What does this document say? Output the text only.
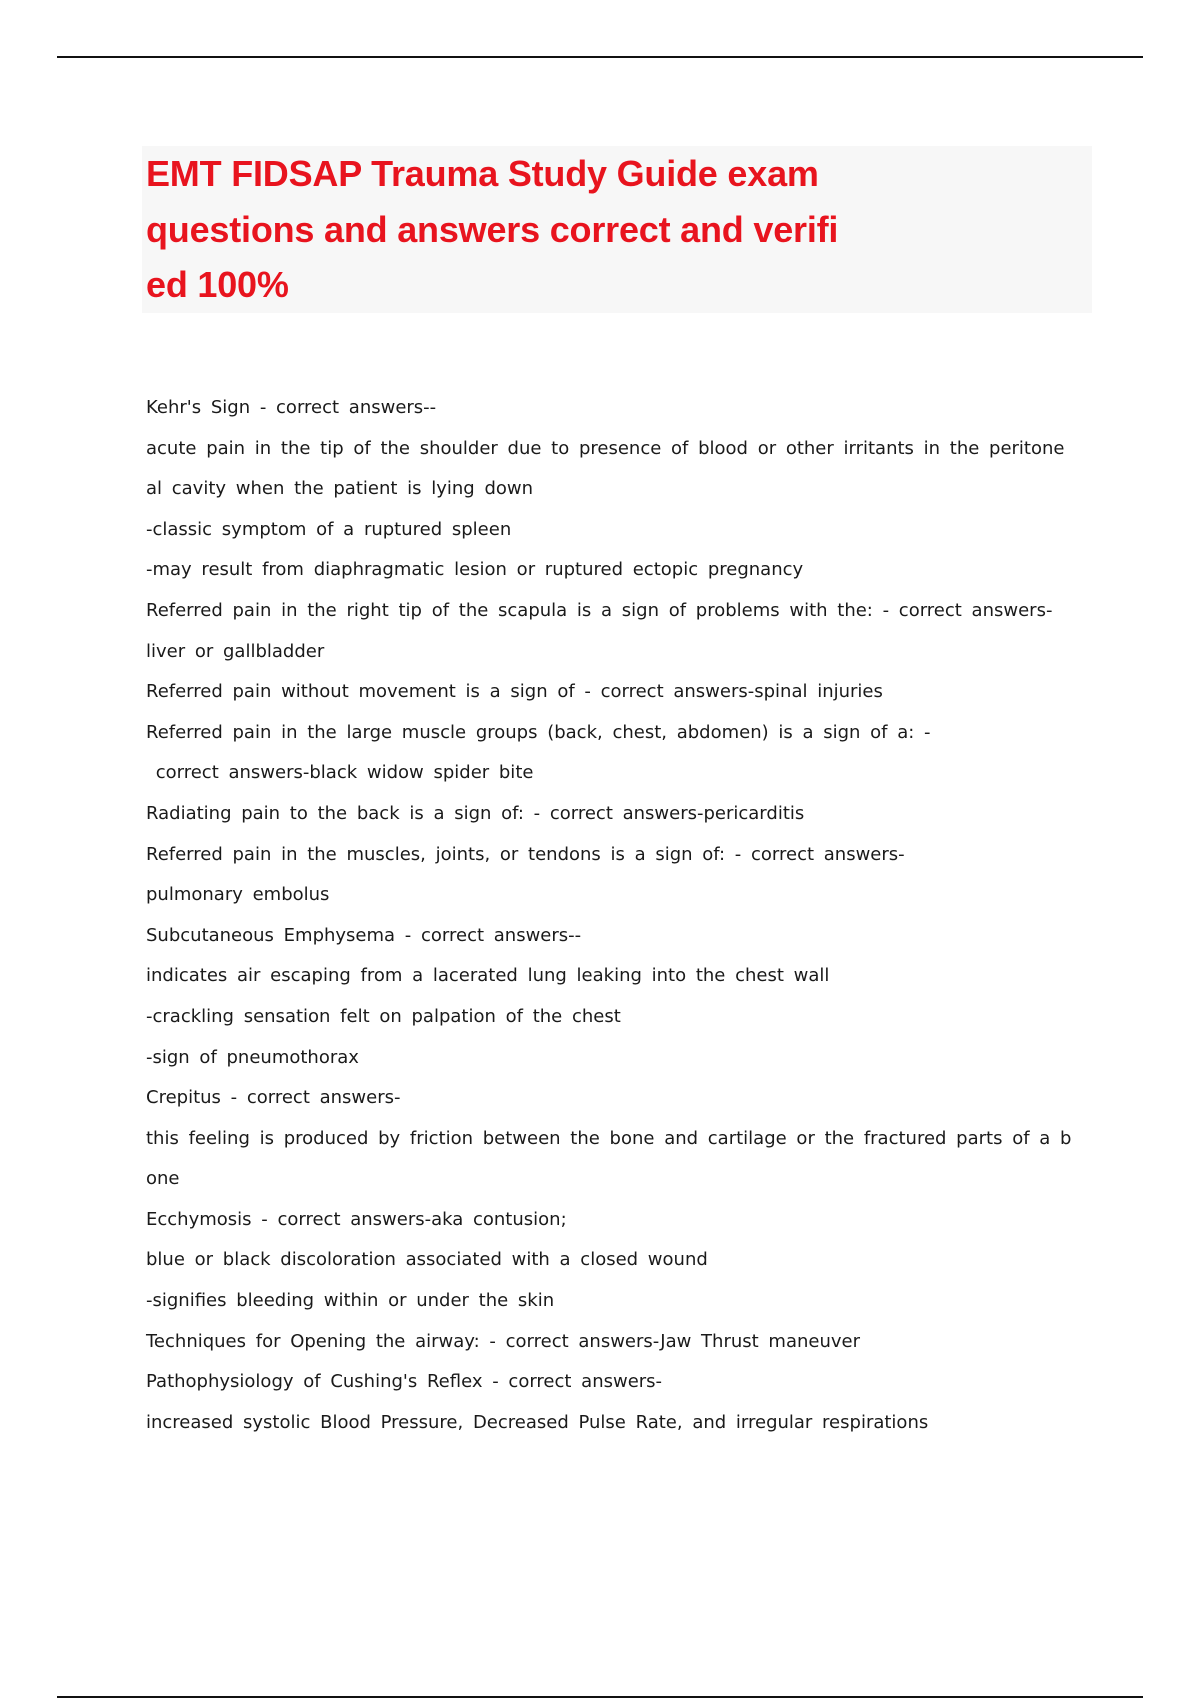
EMT FIDSAP Trauma Study Guide exam
questions and answers correct and verifi
ed 100%
Kehr's Sign - correct answers--
acute pain in the tip of the shoulder due to presence of blood or other irritants in the peritone
al cavity when the patient is lying down
-classic symptom of a ruptured spleen
-may result from diaphragmatic lesion or ruptured ectopic pregnancy
Referred pain in the right tip of the scapula is a sign of problems with the: - correct answers-
liver or gallbladder
Referred pain without movement is a sign of - correct answers-spinal injuries
Referred pain in the large muscle groups (back, chest, abdomen) is a sign of a: -
correct answers-black widow spider bite
Radiating pain to the back is a sign of: - correct answers-pericarditis
Referred pain in the muscles, joints, or tendons is a sign of: - correct answers-
pulmonary embolus
Subcutaneous Emphysema - correct answers--
indicates air escaping from a lacerated lung leaking into the chest wall
-crackling sensation felt on palpation of the chest
-sign of pneumothorax
Crepitus - correct answers-
this feeling is produced by friction between the bone and cartilage or the fractured parts of a b
one
Ecchymosis - correct answers-aka contusion;
blue or black discoloration associated with a closed wound
-signifies bleeding within or under the skin
Techniques for Opening the airway: - correct answers-Jaw Thrust maneuver
Pathophysiology of Cushing's Reflex - correct answers-
increased systolic Blood Pressure, Decreased Pulse Rate, and irregular respirations
